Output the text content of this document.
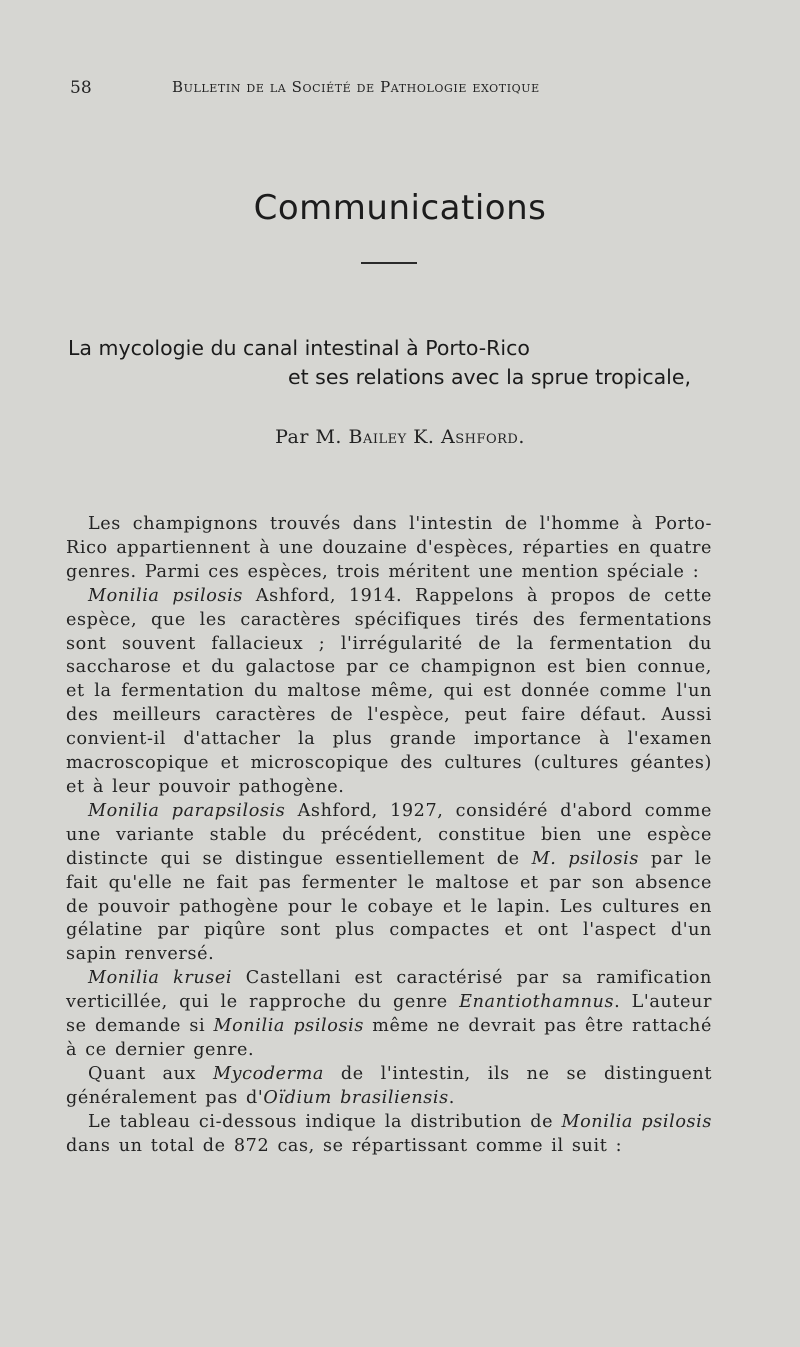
58	Bulletin de la Société de Pathologie exotique
Communications
La mycologie du canal intestinal à Porto-Rico
et ses relations avec la sprue tropicale,
Par M. Bailey K. Ashford.

Les champignons trouvés dans l'intestin de l'homme à Porto-Rico appartiennent à une douzaine d'espèces, réparties en quatre genres. Parmi ces espèces, trois méritent une mention spéciale :

Monilia psilosis Ashford, 1914. Rappelons à propos de cette espèce, que les caractères spécifiques tirés des fermentations sont souvent fallacieux ; l'irrégularité de la fermentation du saccharose et du galactose par ce champignon est bien connue, et la fermentation du maltose même, qui est donnée comme l'un des meilleurs caractères de l'espèce, peut faire défaut. Aussi convient-il d'attacher la plus grande importance à l'examen macroscopique et microscopique des cultures (cultures géantes) et à leur pouvoir pathogène.

Monilia parapsilosis Ashford, 1927, considéré d'abord comme une variante stable du précédent, constitue bien une espèce distincte qui se distingue essentiellement de M. psilosis par le fait qu'elle ne fait pas fermenter le maltose et par son absence de pouvoir pathogène pour le cobaye et le lapin. Les cultures en gélatine par piqûre sont plus compactes et ont l'aspect d'un sapin renversé.

Monilia krusei Castellani est caractérisé par sa ramification verticillée, qui le rapproche du genre Enantiothamnus. L'auteur se demande si Monilia psilosis même ne devrait pas être rattaché à ce dernier genre.

Quant aux Mycoderma de l'intestin, ils ne se distinguent généralement pas d'Oïdium brasiliensis.

Le tableau ci-dessous indique la distribution de Monilia psilosis dans un total de 872 cas, se répartissant comme il suit :
